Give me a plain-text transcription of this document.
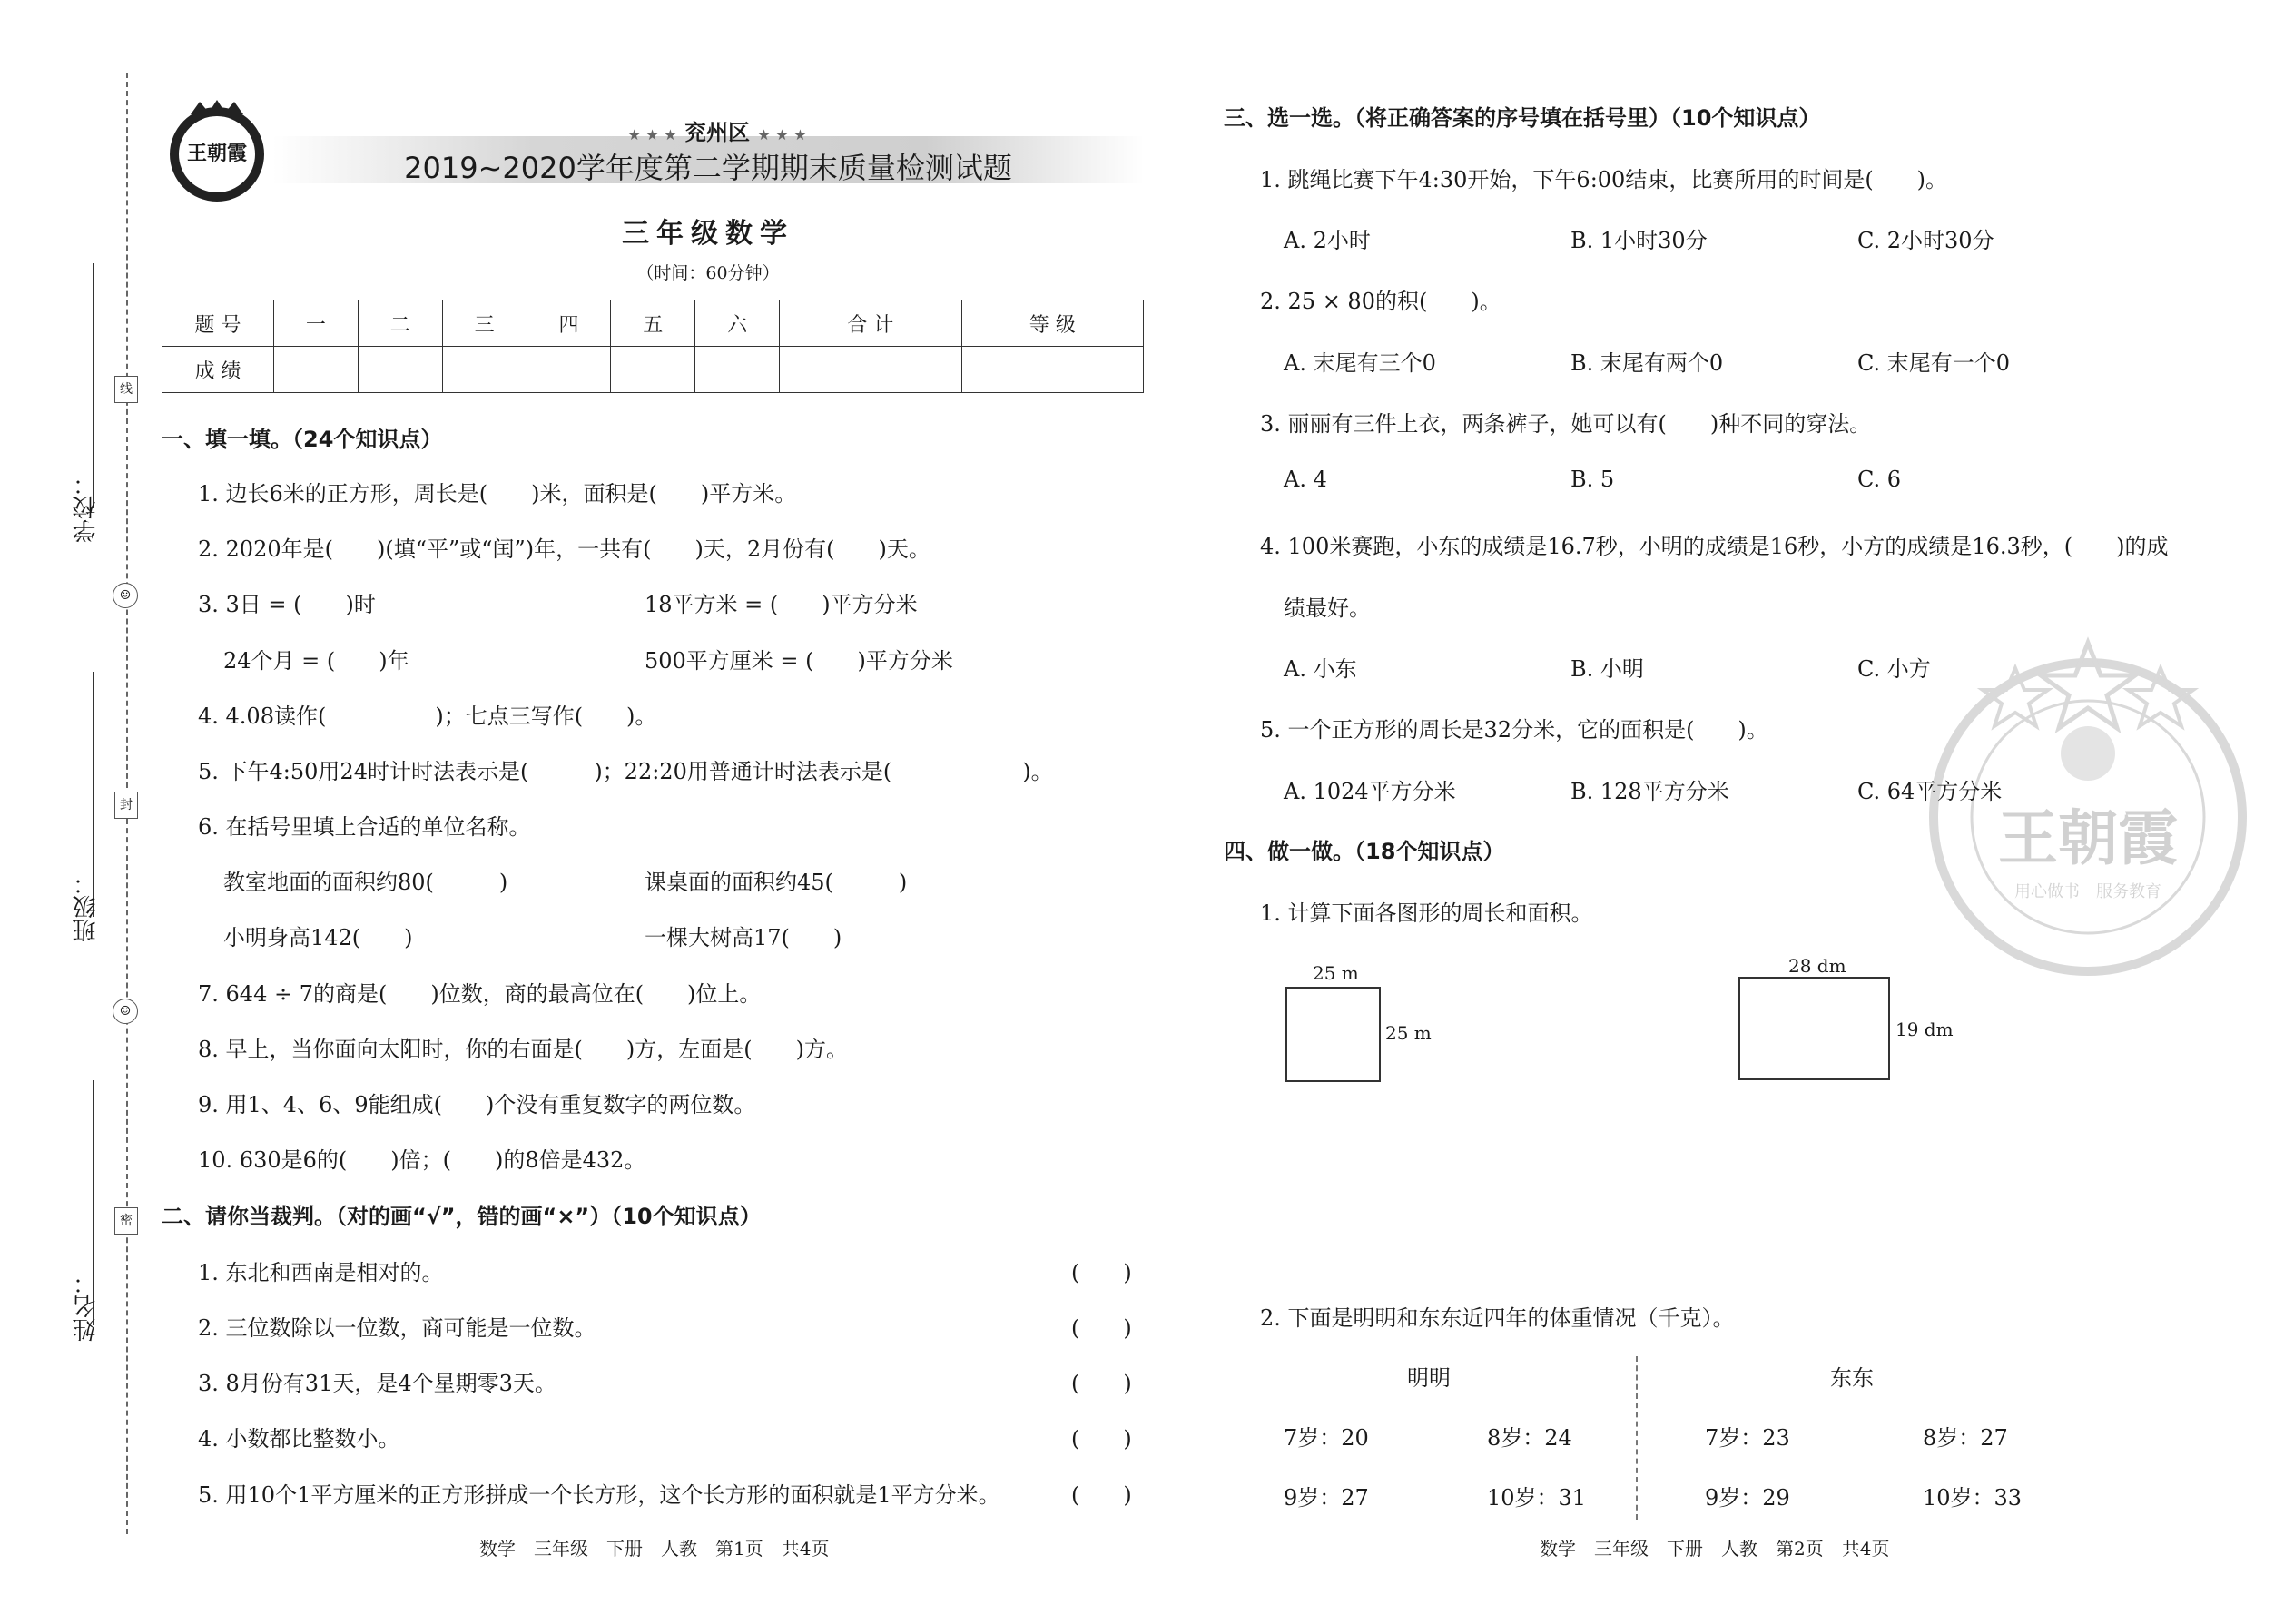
学校：
班级：
姓名：
线
☺
封
☺
密
王朝霞
★ ★ ★ 兖州区 ★ ★ ★
2019~2020学年度第二学期期末质量检测试题
三年级数学
（时间：60分钟）
题 号	一	二	三	四	五	六	合 计	等 级
成 绩								
一、填一填。（24个知识点）
1. 边长6米的正方形，周长是(　　)米，面积是(　　)平方米。
2. 2020年是(　　)(填“平”或“闰”)年，一共有(　　)天，2月份有(　　)天。
3. 3日 = (　　)时	18平方米 = (　　)平方分米
24个月 = (　　)年	500平方厘米 = (　　)平方分米
4. 4.08读作(　　　　　)；七点三写作(　　)。
5. 下午4:50用24时计时法表示是(　　　)；22:20用普通计时法表示是(　　　　　　)。
6. 在括号里填上合适的单位名称。
教室地面的面积约80(　　　)	课桌面的面积约45(　　　)
小明身高142(　　)	一棵大树高17(　　)
7. 644 ÷ 7的商是(　　)位数，商的最高位在(　　)位上。
8. 早上，当你面向太阳时，你的右面是(　　)方，左面是(　　)方。
9. 用1、4、6、9能组成(　　)个没有重复数字的两位数。
10. 630是6的(　　)倍；(　　)的8倍是432。
二、请你当裁判。（对的画“√”，错的画“×”）（10个知识点）
1. 东北和西南是相对的。	(　　)
2. 三位数除以一位数，商可能是一位数。	(　　)
3. 8月份有31天，是4个星期零3天。	(　　)
4. 小数都比整数小。	(　　)
5. 用10个1平方厘米的正方形拼成一个长方形，这个长方形的面积就是1平方分米。	(　　)
数学　三年级　下册　人教　第1页　共4页
王朝霞
用心做书　服务教育
三、选一选。（将正确答案的序号填在括号里）（10个知识点）
1. 跳绳比赛下午4:30开始，下午6:00结束，比赛所用的时间是(　　)。
A. 2小时	B. 1小时30分	C. 2小时30分
2. 25 × 80的积(　　)。
A. 末尾有三个0	B. 末尾有两个0	C. 末尾有一个0
3. 丽丽有三件上衣，两条裤子，她可以有(　　)种不同的穿法。
A. 4	B. 5	C. 6
4. 100米赛跑，小东的成绩是16.7秒，小明的成绩是16秒，小方的成绩是16.3秒，(　　)的成
绩最好。
A. 小东	B. 小明	C. 小方
5. 一个正方形的周长是32分米，它的面积是(　　)。
A. 1024平方分米	B. 128平方分米	C. 64平方分米
四、做一做。（18个知识点）
1. 计算下面各图形的周长和面积。
25 m
25 m
28 dm
19 dm
2. 下面是明明和东东近四年的体重情况（千克）。
明明
7岁：20	8岁：24
9岁：27	10岁：31
东东
7岁：23	8岁：27
9岁：29	10岁：33
数学　三年级　下册　人教　第2页　共4页
